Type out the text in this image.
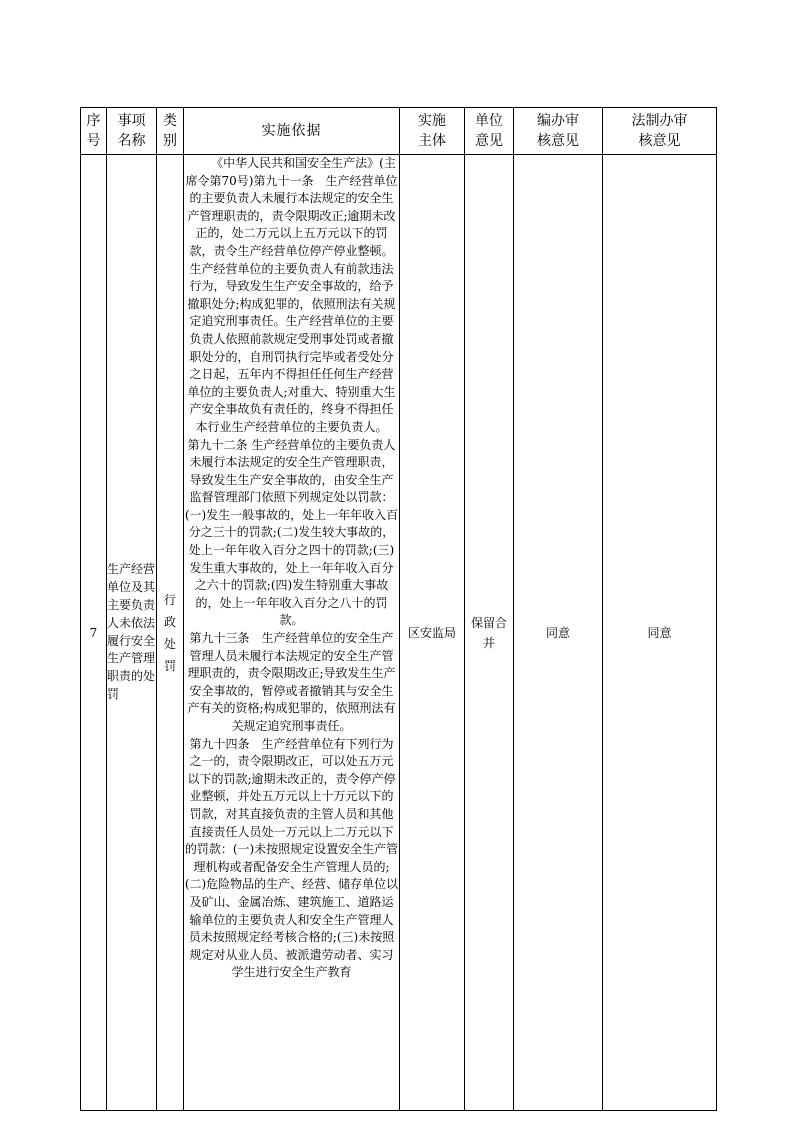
序号	事项名称	类别	实施依据	实施主体	单位意见	编办审核意见	法制办审核意见
7	生产经营单位及其主要负责人未依法履行安全生产管理职责的处罚	行政处罚	《中华人民共和国安全生产法》(主席令第70号)第九十一条　生产经营单位的主要负责人未履行本法规定的安全生产管理职责的，责令限期改正;逾期未改正的，处二万元以上五万元以下的罚款，责令生产经营单位停产停业整顿。生产经营单位的主要负责人有前款违法行为，导致发生生产安全事故的，给予撤职处分;构成犯罪的，依照刑法有关规定追究刑事责任。生产经营单位的主要负责人依照前款规定受刑事处罚或者撤职处分的，自刑罚执行完毕或者受处分之日起，五年内不得担任任何生产经营单位的主要负责人;对重大、特别重大生产安全事故负有责任的，终身不得担任本行业生产经营单位的主要负责人。
第九十二条 生产经营单位的主要负责人未履行本法规定的安全生产管理职责，导致发生生产安全事故的，由安全生产监督管理部门依照下列规定处以罚款：(一)发生一般事故的，处上一年年收入百分之三十的罚款;(二)发生较大事故的，处上一年年收入百分之四十的罚款;(三)发生重大事故的，处上一年年收入百分之六十的罚款;(四)发生特别重大事故的，处上一年年收入百分之八十的罚款。
第九十三条　生产经营单位的安全生产管理人员未履行本法规定的安全生产管理职责的，责令限期改正;导致发生生产安全事故的，暂停或者撤销其与安全生产有关的资格;构成犯罪的，依照刑法有关规定追究刑事责任。
第九十四条　生产经营单位有下列行为之一的，责令限期改正，可以处五万元以下的罚款;逾期未改正的，责令停产停业整顿，并处五万元以上十万元以下的罚款，对其直接负责的主管人员和其他直接责任人员处一万元以上二万元以下的罚款：(一)未按照规定设置安全生产管理机构或者配备安全生产管理人员的;(二)危险物品的生产、经营、储存单位以及矿山、金属冶炼、建筑施工、道路运输单位的主要负责人和安全生产管理人员未按照规定经考核合格的;(三)未按照规定对从业人员、被派遣劳动者、实习学生进行安全生产教育	区安监局	保留合并	同意	同意
